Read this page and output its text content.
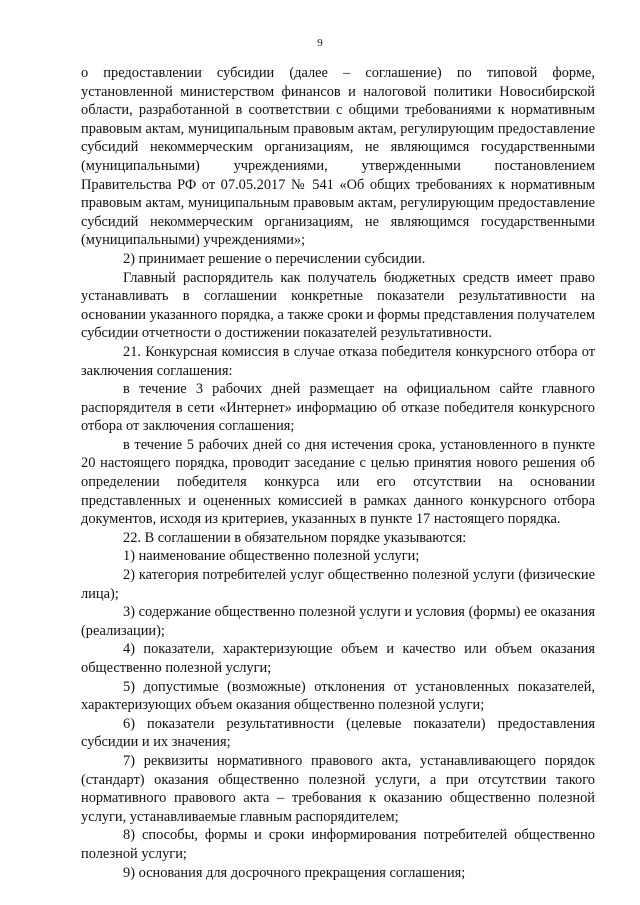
9

о предоставлении субсидии (далее – соглашение) по типовой форме, установленной министерством финансов и налоговой политики Новосибирской области, разработанной в соответствии с общими требованиями к нормативным правовым актам, муниципальным правовым актам, регулирующим предоставление субсидий некоммерческим организациям, не являющимся государственными (муниципальными) учреждениями, утвержденными постановлением Правительства РФ от 07.05.2017 № 541 «Об общих требованиях к нормативным правовым актам, муниципальным правовым актам, регулирующим предоставление субсидий некоммерческим организациям, не являющимся государственными (муниципальными) учреждениями»;

2) принимает решение о перечислении субсидии.

Главный распорядитель как получатель бюджетных средств имеет право устанавливать в соглашении конкретные показатели результативности на основании указанного порядка, а также сроки и формы представления получателем субсидии отчетности о достижении показателей результативности.

21. Конкурсная комиссия в случае отказа победителя конкурсного отбора от заключения соглашения:

в течение 3 рабочих дней размещает на официальном сайте главного распорядителя в сети «Интернет» информацию об отказе победителя конкурсного отбора от заключения соглашения;

в течение 5 рабочих дней со дня истечения срока, установленного в пункте 20 настоящего порядка, проводит заседание с целью принятия нового решения об определении победителя конкурса или его отсутствии на основании представленных и оцененных комиссией в рамках данного конкурсного отбора документов, исходя из критериев, указанных в пункте 17 настоящего порядка.

22. В соглашении в обязательном порядке указываются:

1) наименование общественно полезной услуги;

2) категория потребителей услуг общественно полезной услуги (физические лица);

3) содержание общественно полезной услуги и условия (формы) ее оказания (реализации);

4) показатели, характеризующие объем и качество или объем оказания общественно полезной услуги;

5) допустимые (возможные) отклонения от установленных показателей, характеризующих объем оказания общественно полезной услуги;

6) показатели результативности (целевые показатели) предоставления субсидии и их значения;

7) реквизиты нормативного правового акта, устанавливающего порядок (стандарт) оказания общественно полезной услуги, а при отсутствии такого нормативного правового акта – требования к оказанию общественно полезной услуги, устанавливаемые главным распорядителем;

8) способы, формы и сроки информирования потребителей общественно полезной услуги;

9) основания для досрочного прекращения соглашения;
